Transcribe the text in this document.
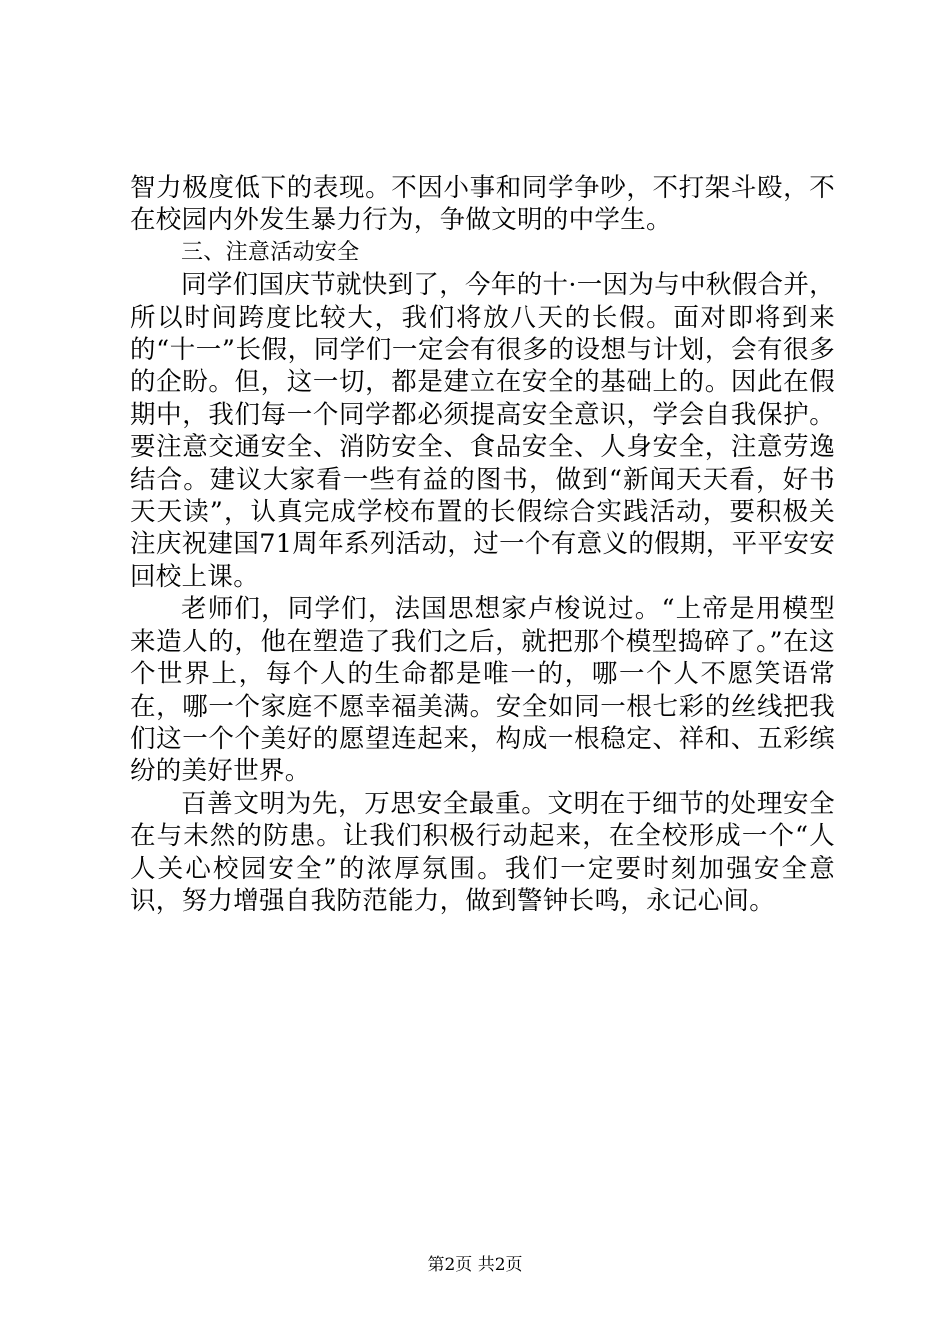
智力极度低下的表现。不因小事和同学争吵，不打架斗殴，不在校园内外发生暴力行为，争做文明的中学生。

三、注意活动安全

同学们国庆节就快到了，今年的十·一因为与中秋假合并，所以时间跨度比较大，我们将放八天的长假。面对即将到来的“十一”长假，同学们一定会有很多的设想与计划，会有很多的企盼。但，这一切，都是建立在安全的基础上的。因此在假期中，我们每一个同学都必须提高安全意识，学会自我保护。要注意交通安全、消防安全、食品安全、人身安全，注意劳逸结合。建议大家看一些有益的图书，做到“新闻天天看，好书天天读”，认真完成学校布置的长假综合实践活动，要积极关注庆祝建国71周年系列活动，过一个有意义的假期，平平安安回校上课。

老师们，同学们，法国思想家卢梭说过。“上帝是用模型来造人的，他在塑造了我们之后，就把那个模型捣碎了。”在这个世界上，每个人的生命都是唯一的，哪一个人不愿笑语常在，哪一个家庭不愿幸福美满。安全如同一根七彩的丝线把我们这一个个美好的愿望连起来，构成一根稳定、祥和、五彩缤纷的美好世界。

百善文明为先，万思安全最重。文明在于细节的处理安全在与未然的防患。让我们积极行动起来，在全校形成一个“人人关心校园安全”的浓厚氛围。我们一定要时刻加强安全意识，努力增强自我防范能力，做到警钟长鸣，永记心间。

第2页 共2页
